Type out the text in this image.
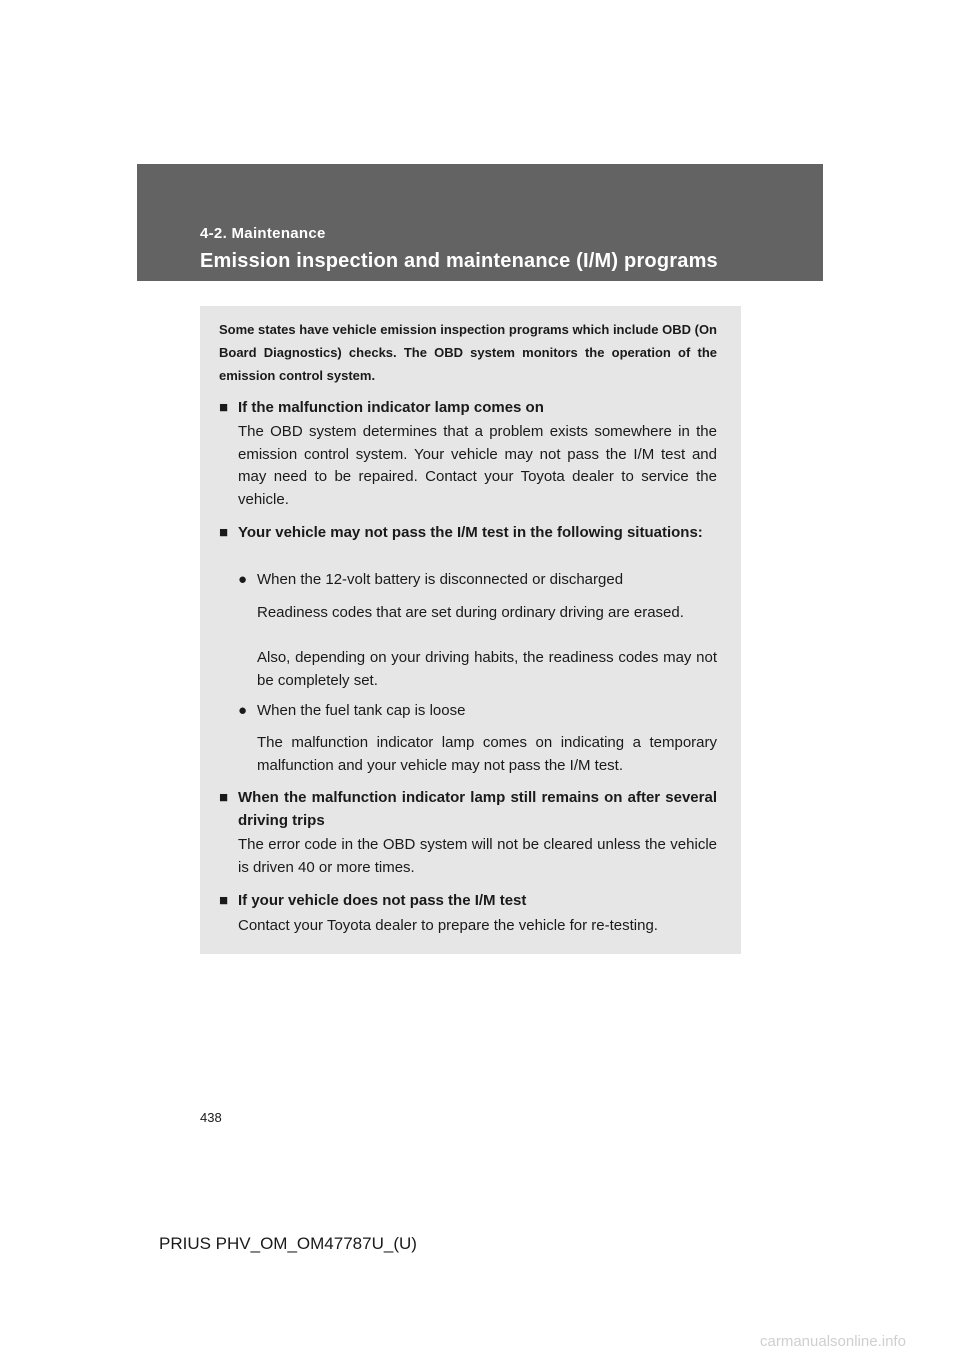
4-2. Maintenance
Emission inspection and maintenance (I/M) programs

Some states have vehicle emission inspection programs which include OBD (On Board Diagnostics) checks. The OBD system monitors the operation of the emission control system.

■ If the malfunction indicator lamp comes on

The OBD system determines that a problem exists somewhere in the emission control system. Your vehicle may not pass the I/M test and may need to be repaired. Contact your Toyota dealer to service the vehicle.

■ Your vehicle may not pass the I/M test in the following situations:
● When the 12-volt battery is disconnected or discharged

Readiness codes that are set during ordinary driving are erased.

Also, depending on your driving habits, the readiness codes may not be completely set.

● When the fuel tank cap is loose

The malfunction indicator lamp comes on indicating a temporary malfunction and your vehicle may not pass the I/M test.

■ When the malfunction indicator lamp still remains on after several driving trips

The error code in the OBD system will not be cleared unless the vehicle is driven 40 or more times.

■ If your vehicle does not pass the I/M test

Contact your Toyota dealer to prepare the vehicle for re-testing.

438
PRIUS PHV_OM_OM47787U_(U)
carmanualsonline.info
